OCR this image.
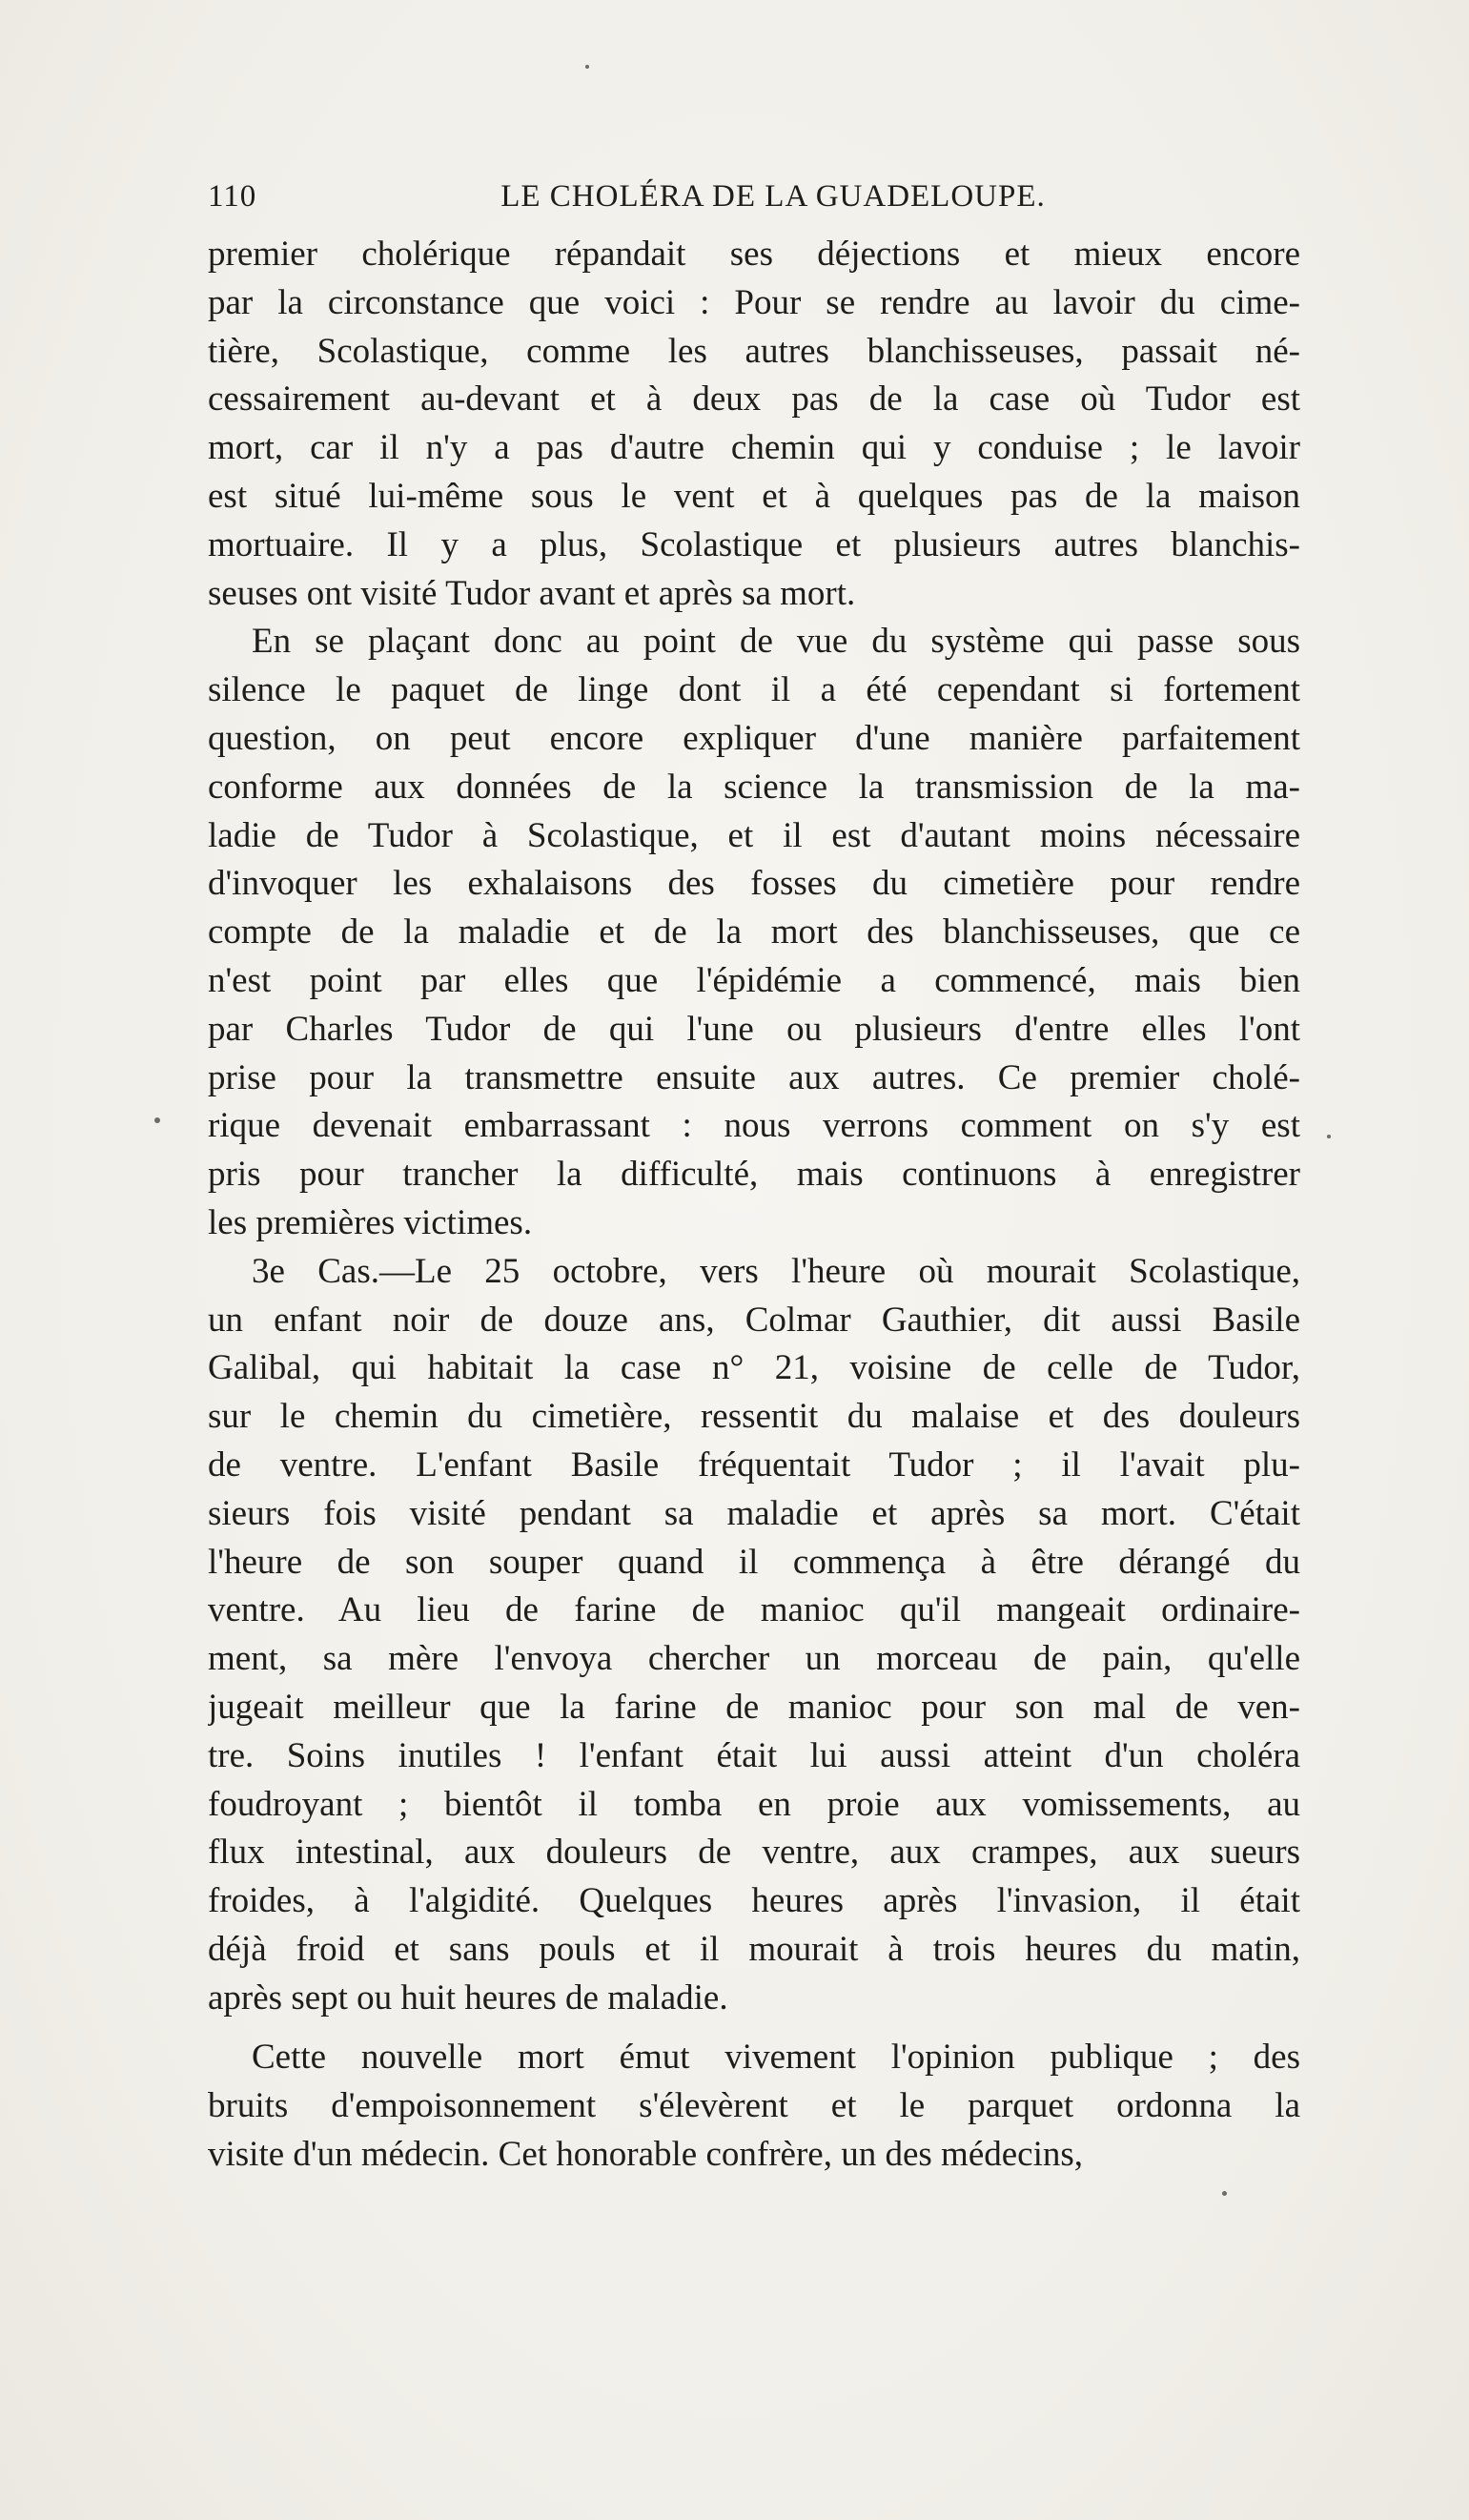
110	LE CHOLÉRA DE LA GUADELOUPE.
premier cholérique répandait ses déjections et mieux encore
par la circonstance que voici : Pour se rendre au lavoir du cime-
tière, Scolastique, comme les autres blanchisseuses, passait né-
cessairement au-devant et à deux pas de la case où Tudor est
mort, car il n'y a pas d'autre chemin qui y conduise ; le lavoir
est situé lui-même sous le vent et à quelques pas de la maison
mortuaire. Il y a plus, Scolastique et plusieurs autres blanchis-
seuses ont visité Tudor avant et après sa mort.
En se plaçant donc au point de vue du système qui passe sous
silence le paquet de linge dont il a été cependant si fortement
question, on peut encore expliquer d'une manière parfaitement
conforme aux données de la science la transmission de la ma-
ladie de Tudor à Scolastique, et il est d'autant moins nécessaire
d'invoquer les exhalaisons des fosses du cimetière pour rendre
compte de la maladie et de la mort des blanchisseuses, que ce
n'est point par elles que l'épidémie a commencé, mais bien
par Charles Tudor de qui l'une ou plusieurs d'entre elles l'ont
prise pour la transmettre ensuite aux autres. Ce premier cholé-
rique devenait embarrassant : nous verrons comment on s'y est
pris pour trancher la difficulté, mais continuons à enregistrer
les premières victimes.
3e Cas.—Le 25 octobre, vers l'heure où mourait Scolastique,
un enfant noir de douze ans, Colmar Gauthier, dit aussi Basile
Galibal, qui habitait la case n° 21, voisine de celle de Tudor,
sur le chemin du cimetière, ressentit du malaise et des douleurs
de ventre. L'enfant Basile fréquentait Tudor ; il l'avait plu-
sieurs fois visité pendant sa maladie et après sa mort. C'était
l'heure de son souper quand il commença à être dérangé du
ventre. Au lieu de farine de manioc qu'il mangeait ordinaire-
ment, sa mère l'envoya chercher un morceau de pain, qu'elle
jugeait meilleur que la farine de manioc pour son mal de ven-
tre. Soins inutiles ! l'enfant était lui aussi atteint d'un choléra
foudroyant ; bientôt il tomba en proie aux vomissements, au
flux intestinal, aux douleurs de ventre, aux crampes, aux sueurs
froides, à l'algidité. Quelques heures après l'invasion, il était
déjà froid et sans pouls et il mourait à trois heures du matin,
après sept ou huit heures de maladie.
Cette nouvelle mort émut vivement l'opinion publique ; des
bruits d'empoisonnement s'élevèrent et le parquet ordonna la
visite d'un médecin. Cet honorable confrère, un des médecins,
